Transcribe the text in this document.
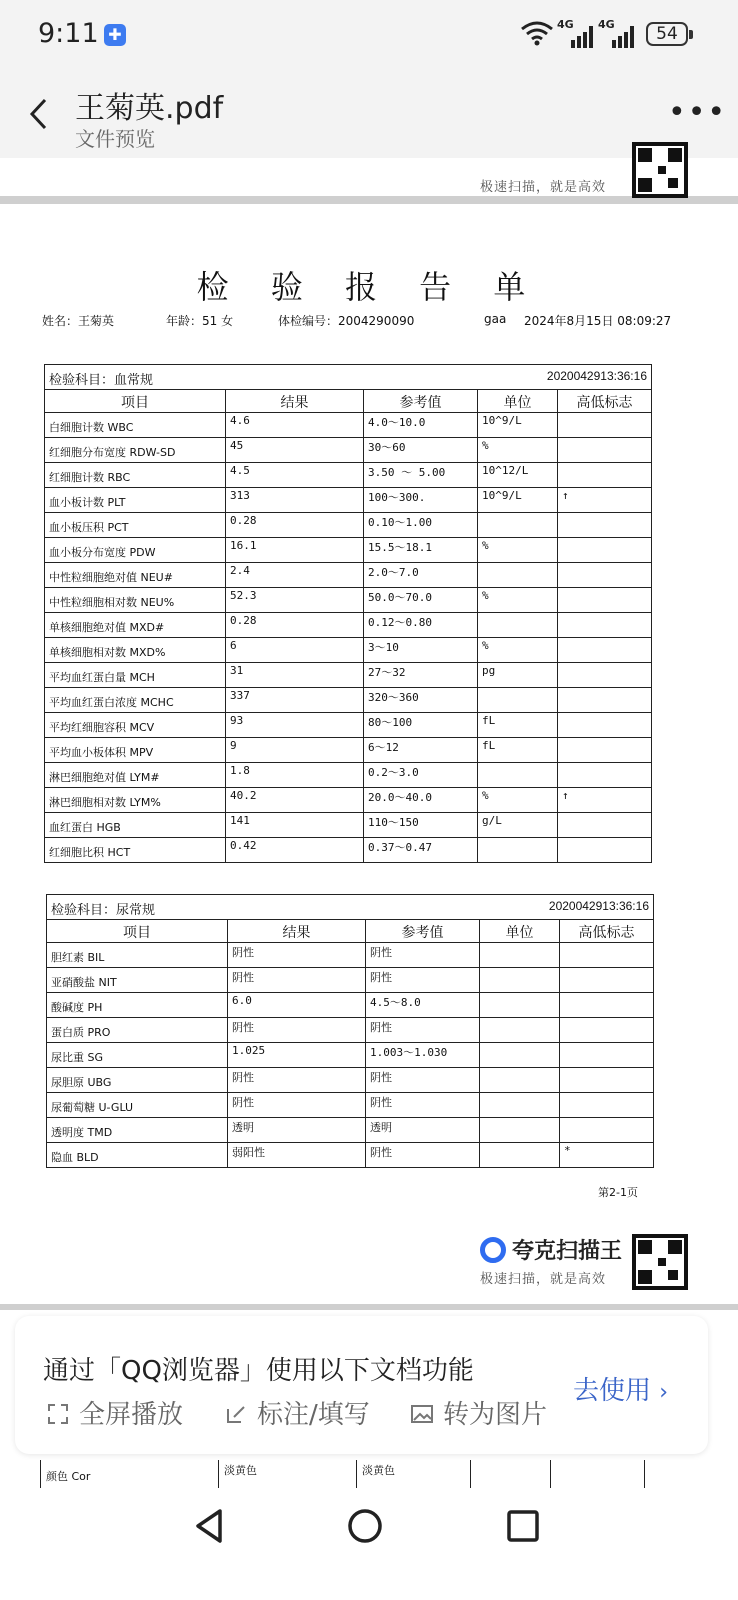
9:11 ✚
4G 4G	54
王菊英.pdf
文件预览
•••
极速扫描，就是高效
检 验 报 告 单
姓名：王菊英	年龄：51 女	体检编号：2004290090	gaa 2024年8月15日 08:09:27
检验科目：血常规 2020042913:36:16				

项目	结果	参考值	单位	高低标志
白细胞计数 WBC	4.6	4.0～10.0	10^9/L	
红细胞分布宽度 RDW-SD	45	30～60	%	
红细胞计数 RBC	4.5	3.50 ～ 5.00	10^12/L	
血小板计数 PLT	313	100～300.	10^9/L	↑
血小板压积 PCT	0.28	0.10～1.00		
血小板分布宽度 PDW	16.1	15.5～18.1	%	
中性粒细胞绝对值 NEU#	2.4	2.0～7.0		
中性粒细胞相对数 NEU%	52.3	50.0～70.0	%	
单核细胞绝对值 MXD#	0.28	0.12～0.80		
单核细胞相对数 MXD%	6	3～10	%	
平均血红蛋白量 MCH	31	27～32	pg	
平均血红蛋白浓度 MCHC	337	320～360		
平均红细胞容积 MCV	93	80～100	fL	
平均血小板体积 MPV	9	6～12	fL	
淋巴细胞绝对值 LYM#	1.8	0.2～3.0		
淋巴细胞相对数 LYM%	40.2	20.0～40.0	%	↑
血红蛋白 HGB	141	110～150	g/L	
红细胞比积 HCT	0.42	0.37～0.47		
检验科目：尿常规 2020042913:36:16				

项目	结果	参考值	单位	高低标志
胆红素 BIL	阴性	阴性		
亚硝酸盐 NIT	阴性	阴性		
酸碱度 PH	6.0	4.5～8.0		
蛋白质 PRO	阴性	阴性		
尿比重 SG	1.025	1.003～1.030		
尿胆原 UBG	阴性	阴性		
尿葡萄糖 U-GLU	阴性	阴性		
透明度 TMD	透明	透明		
隐血 BLD	弱阳性	阴性		*
第2-1页
夸克扫描王
极速扫描，就是高效
颜色 Cor	淡黄色	淡黄色
通过「QQ浏览器」使用以下文档功能
去使用 ›
全屏播放	标注/填写	转为图片
